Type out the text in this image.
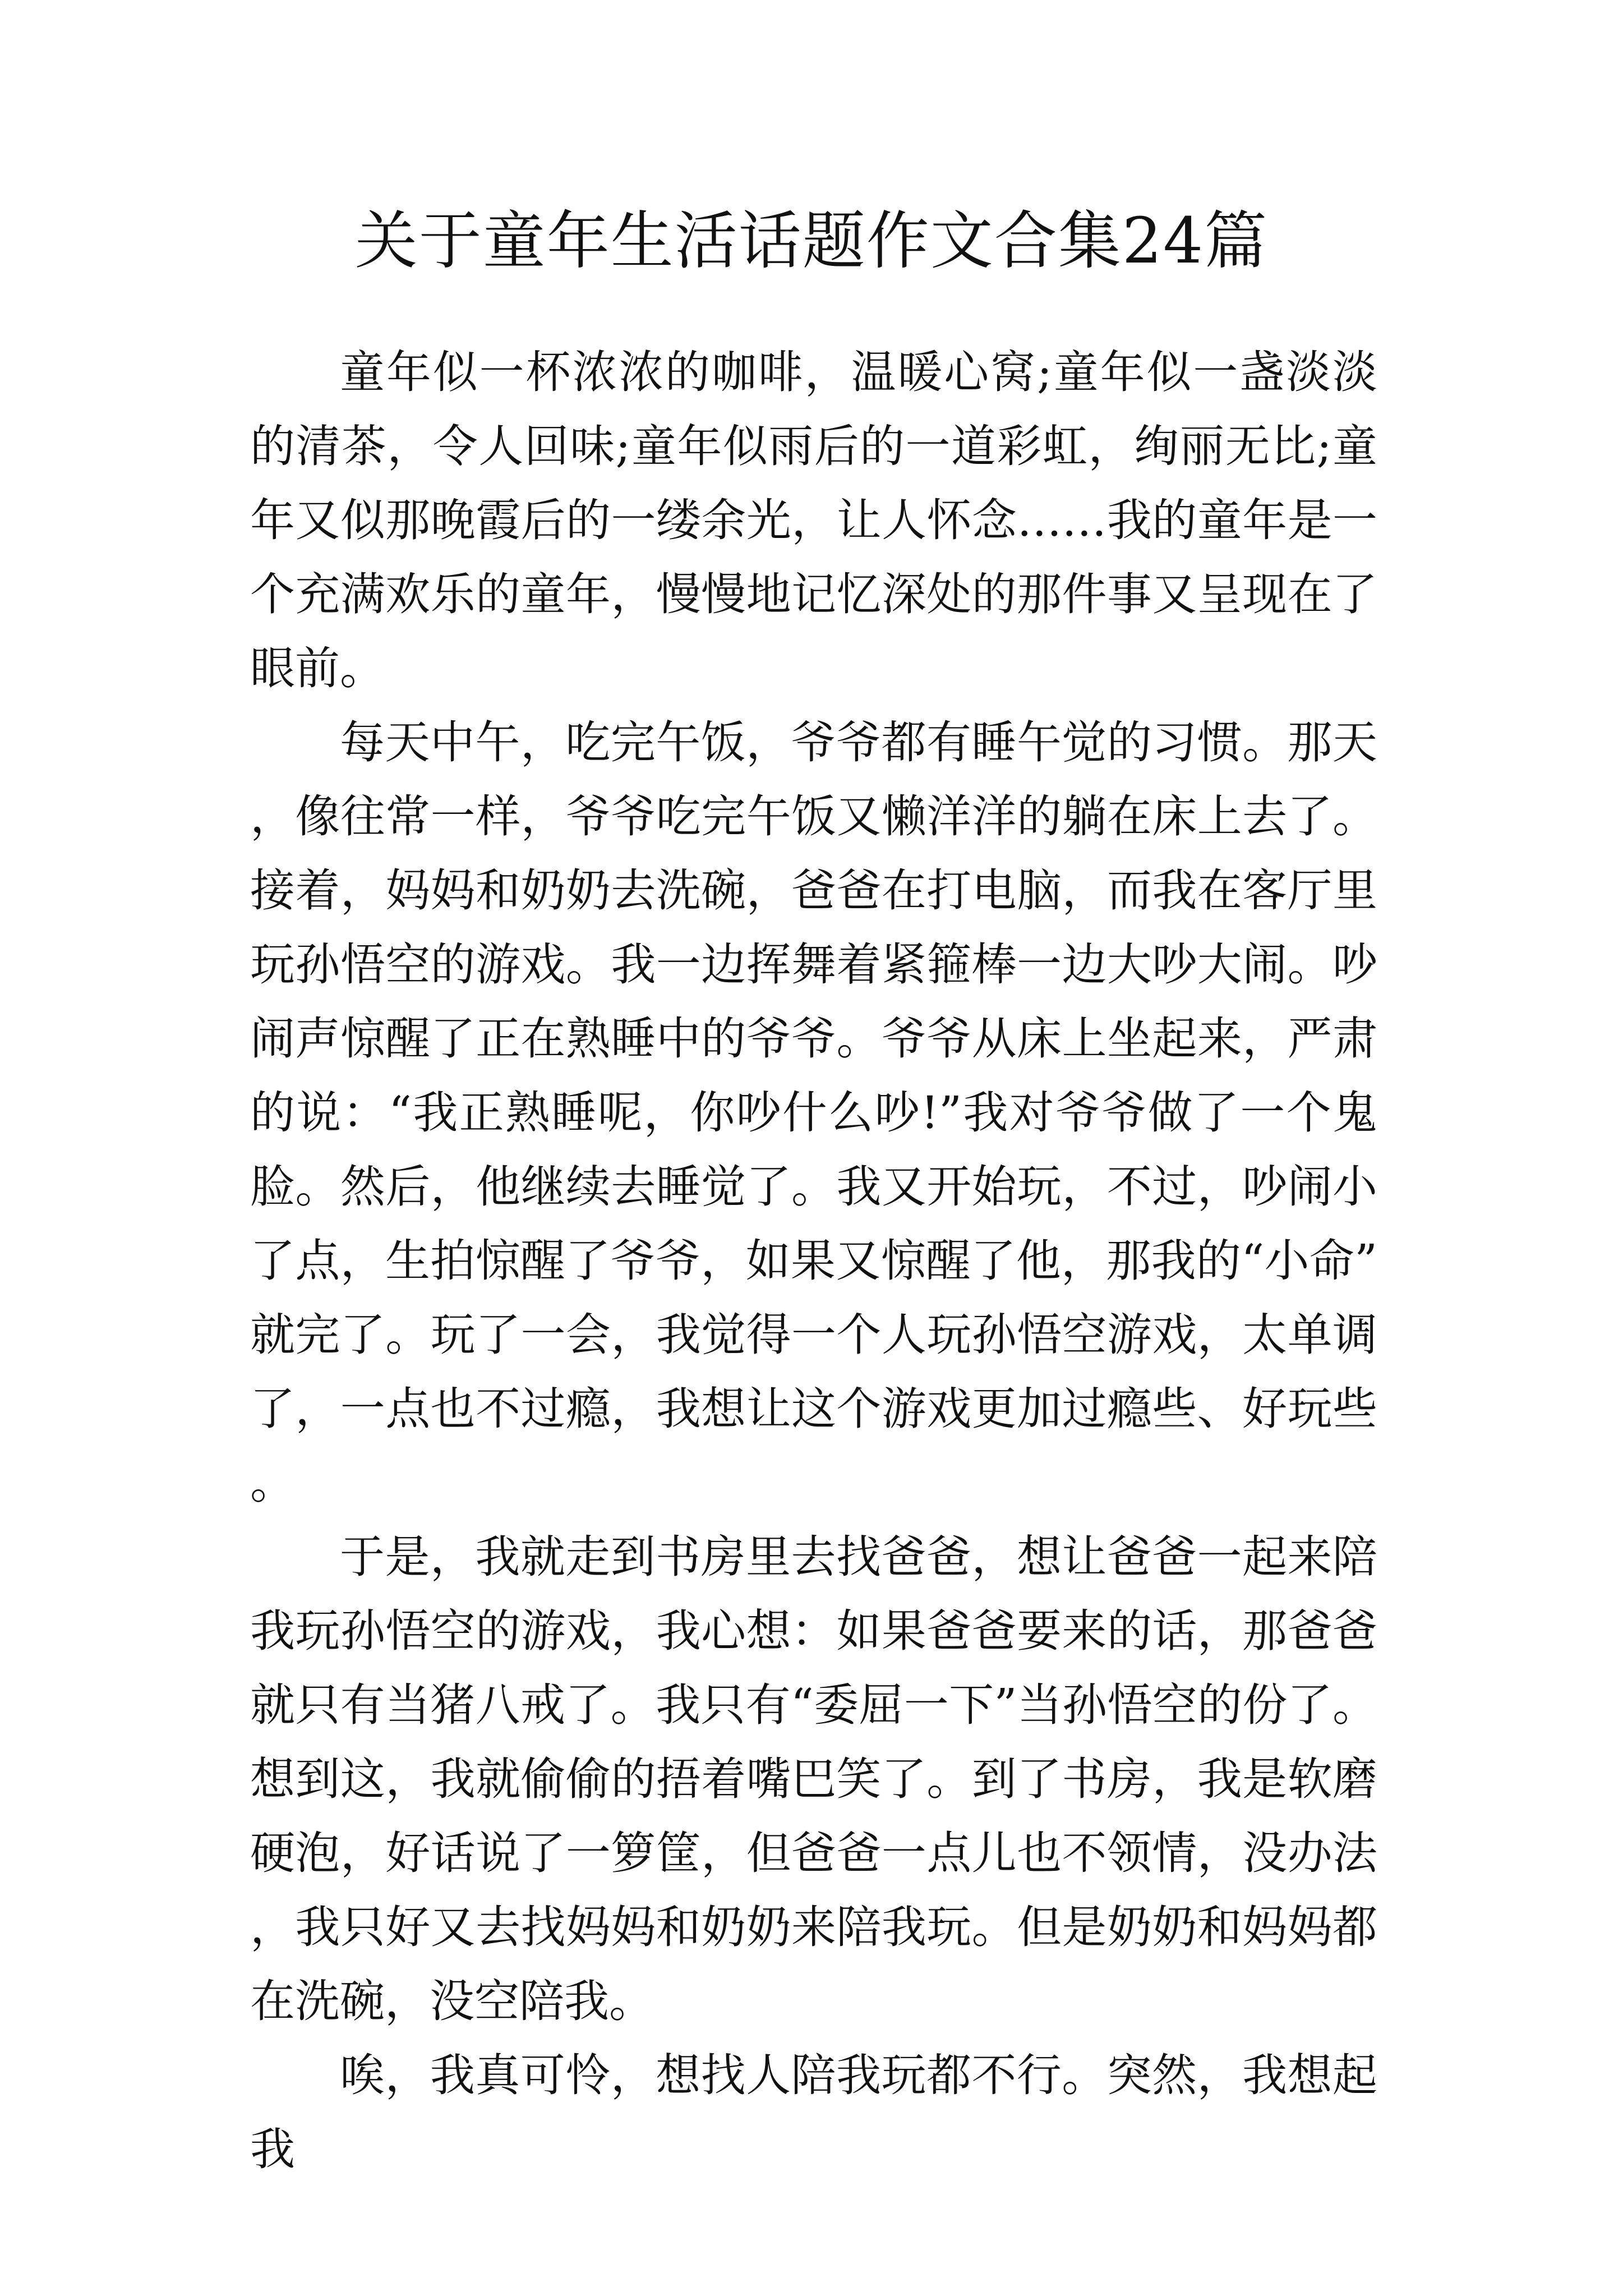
关于童年生活话题作文合集24篇

童年似一杯浓浓的咖啡，温暖心窝;童年似一盏淡淡的清茶，令人回味;童年似雨后的一道彩虹，绚丽无比;童年又似那晚霞后的一缕余光，让人怀念……我的童年是一个充满欢乐的童年，慢慢地记忆深处的那件事又呈现在了眼前。

每天中午，吃完午饭，爷爷都有睡午觉的习惯。那天，像往常一样，爷爷吃完午饭又懒洋洋的躺在床上去了。接着，妈妈和奶奶去洗碗，爸爸在打电脑，而我在客厅里玩孙悟空的游戏。我一边挥舞着紧箍棒一边大吵大闹。吵闹声惊醒了正在熟睡中的爷爷。爷爷从床上坐起来，严肃的说：“我正熟睡呢，你吵什么吵!”我对爷爷做了一个鬼脸。然后，他继续去睡觉了。我又开始玩，不过，吵闹小了点，生拍惊醒了爷爷，如果又惊醒了他，那我的“小命”就完了。玩了一会，我觉得一个人玩孙悟空游戏，太单调了，一点也不过瘾，我想让这个游戏更加过瘾些、好玩些。

于是，我就走到书房里去找爸爸，想让爸爸一起来陪我玩孙悟空的游戏，我心想：如果爸爸要来的话，那爸爸就只有当猪八戒了。我只有“委屈一下”当孙悟空的份了。想到这，我就偷偷的捂着嘴巴笑了。到了书房，我是软磨硬泡，好话说了一箩筐，但爸爸一点儿也不领情，没办法，我只好又去找妈妈和奶奶来陪我玩。但是奶奶和妈妈都在洗碗，没空陪我。

唉，我真可怜，想找人陪我玩都不行。突然，我想起我
